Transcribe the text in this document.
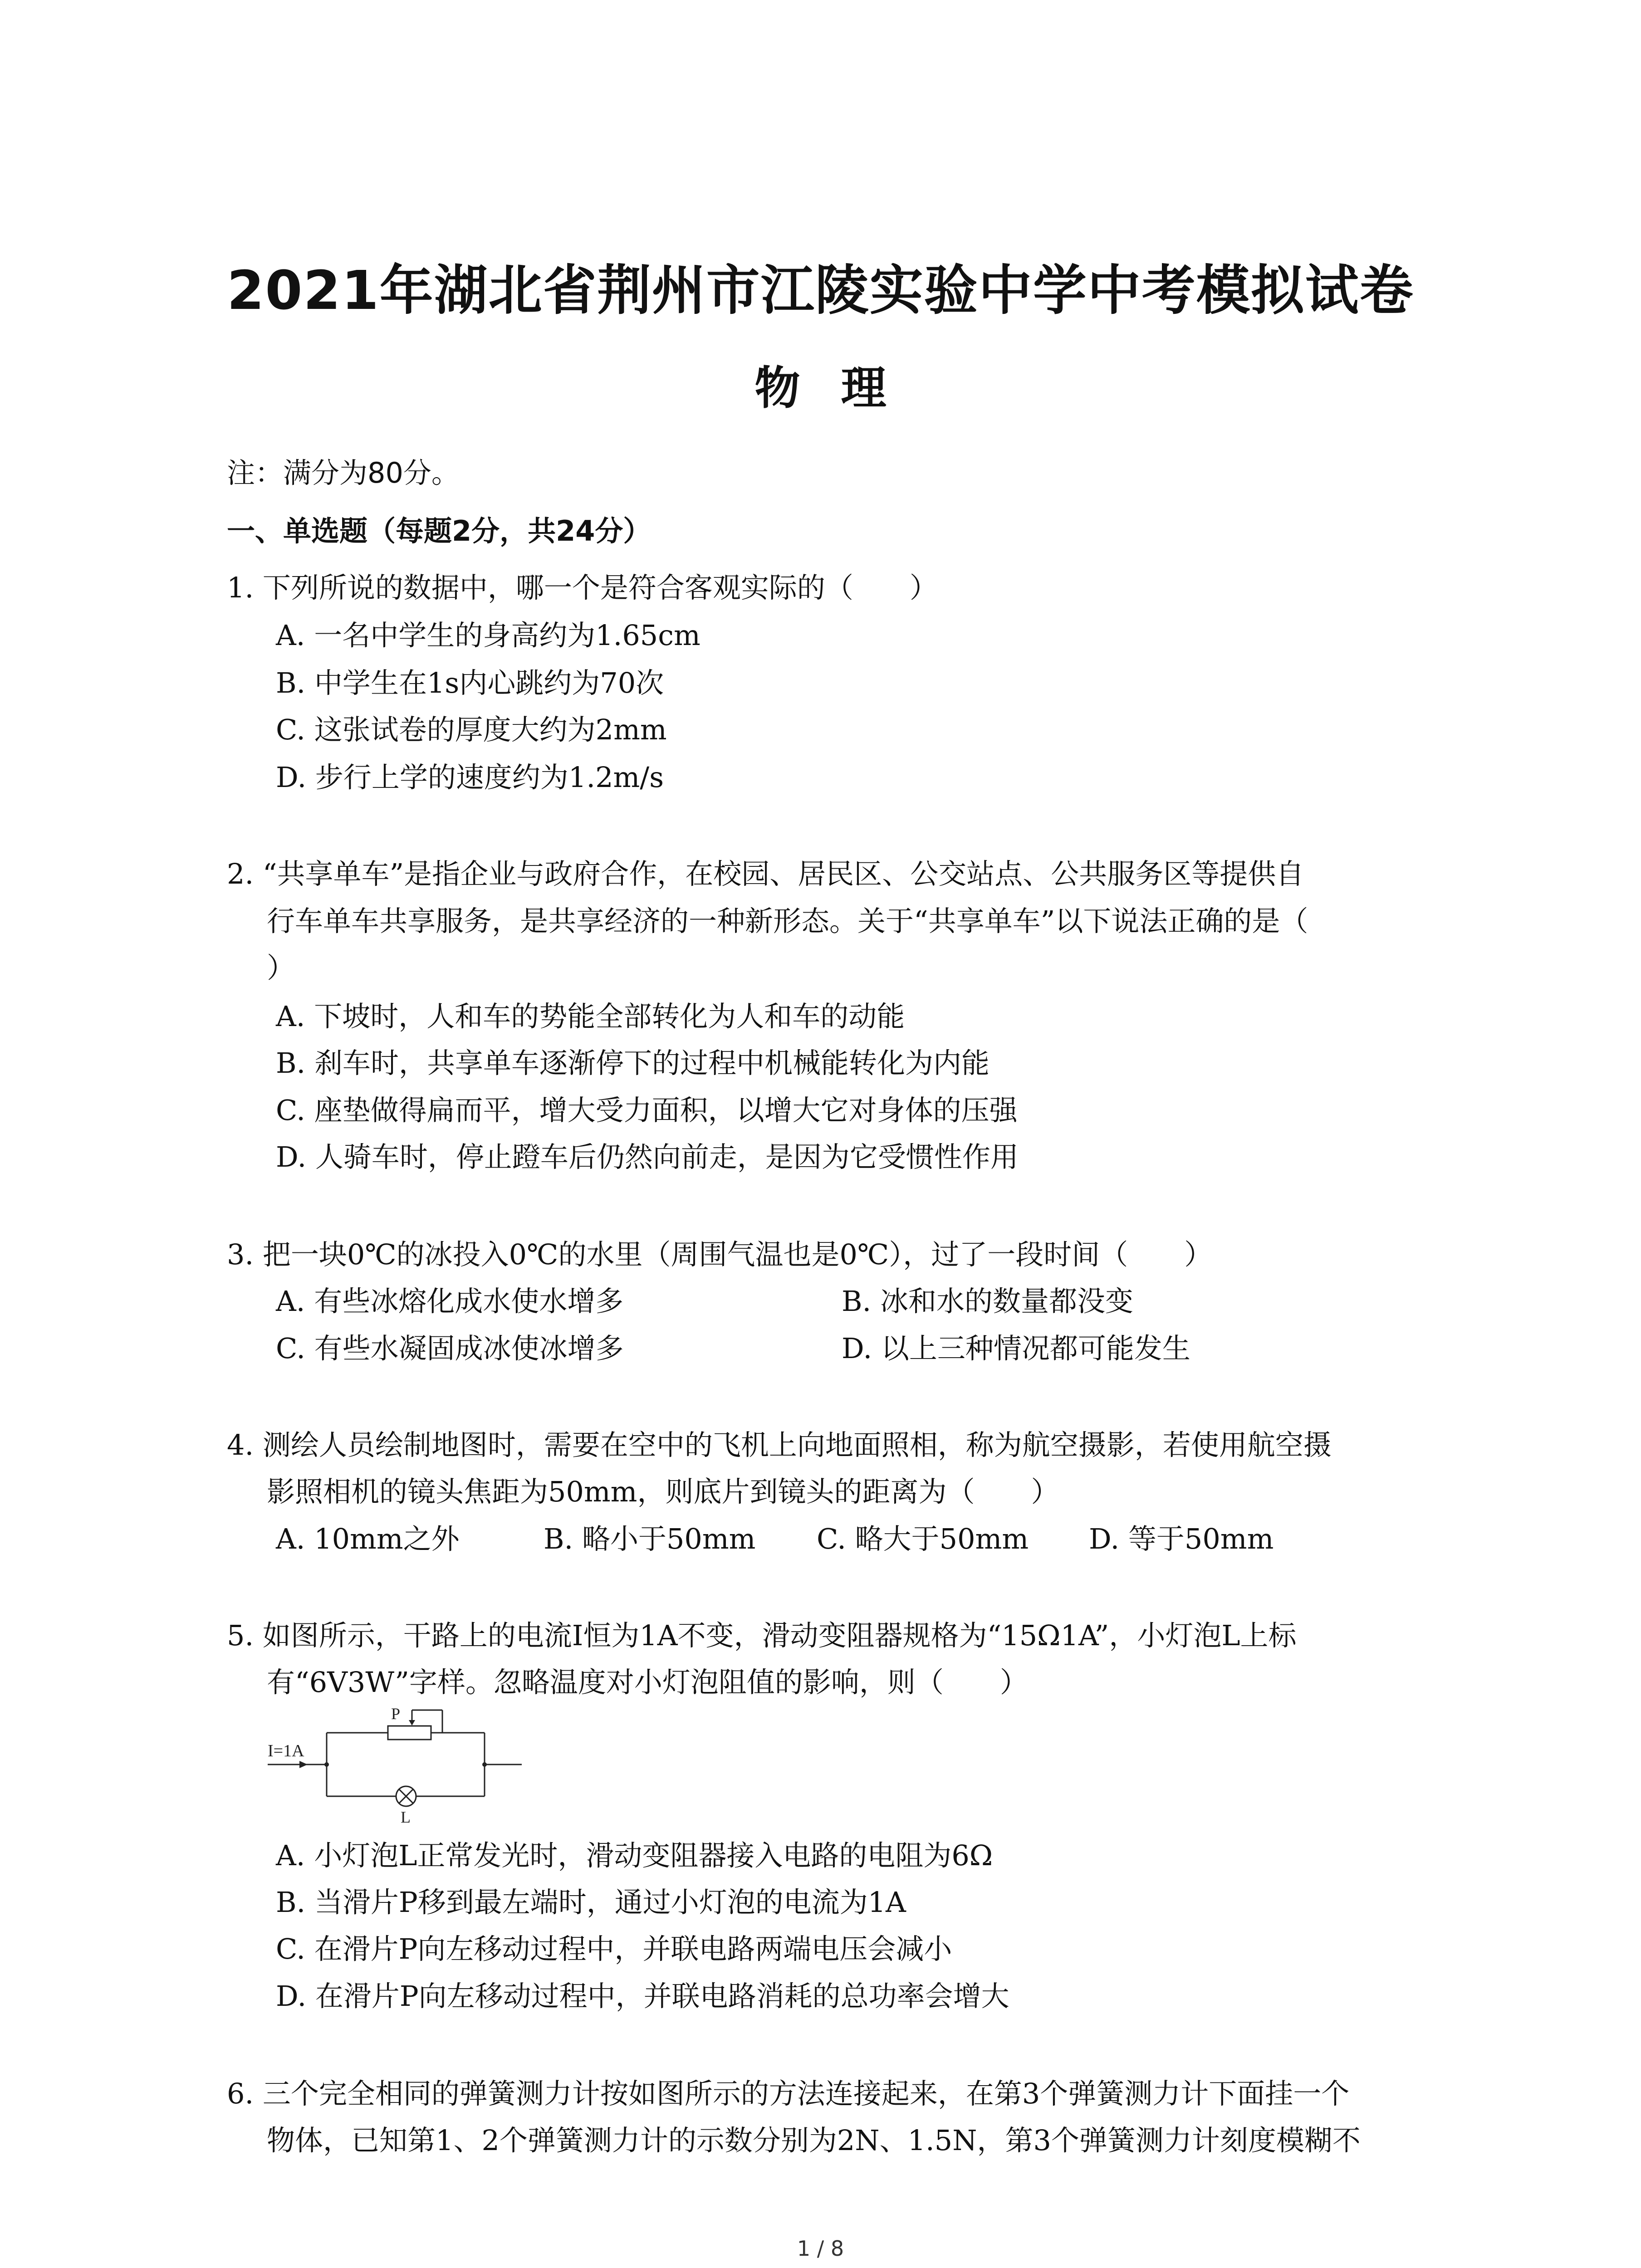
2021年湖北省荆州市江陵实验中学中考模拟试卷
物理
注：满分为80分。
一、单选题（每题2分，共24分）
1. 下列所说的数据中，哪一个是符合客观实际的（　　）
A. 一名中学生的身高约为1.65cm
B. 中学生在1s内心跳约为70次
C. 这张试卷的厚度大约为2mm
D. 步行上学的速度约为1.2m/s
2. “共享单车”是指企业与政府合作，在校园、居民区、公交站点、公共服务区等提供自
行车单车共享服务，是共享经济的一种新形态。关于“共享单车”以下说法正确的是（
）
A. 下坡时，人和车的势能全部转化为人和车的动能
B. 刹车时，共享单车逐渐停下的过程中机械能转化为内能
C. 座垫做得扁而平，增大受力面积，以增大它对身体的压强
D. 人骑车时，停止蹬车后仍然向前走，是因为它受惯性作用
3. 把一块0℃的冰投入0℃的水里（周围气温也是0℃），过了一段时间（　　）
A. 有些冰熔化成水使水增多	B. 冰和水的数量都没变
C. 有些水凝固成冰使冰增多	D. 以上三种情况都可能发生
4. 测绘人员绘制地图时，需要在空中的飞机上向地面照相，称为航空摄影，若使用航空摄
影照相机的镜头焦距为50mm，则底片到镜头的距离为（　　）
A. 10mm之外	B. 略小于50mm C. 略大于50mm D. 等于50mm
5. 如图所示，干路上的电流I恒为1A不变，滑动变阻器规格为“15Ω1A”，小灯泡L上标
有“6V3W”字样。忽略温度对小灯泡阻值的影响，则（　　）
I=1A
P
L
A. 小灯泡L正常发光时，滑动变阻器接入电路的电阻为6Ω
B. 当滑片P移到最左端时，通过小灯泡的电流为1A
C. 在滑片P向左移动过程中，并联电路两端电压会减小
D. 在滑片P向左移动过程中，并联电路消耗的总功率会增大
6. 三个完全相同的弹簧测力计按如图所示的方法连接起来，在第3个弹簧测力计下面挂一个
物体，已知第1、2个弹簧测力计的示数分别为2N、1.5N，第3个弹簧测力计刻度模糊不
1 / 8
